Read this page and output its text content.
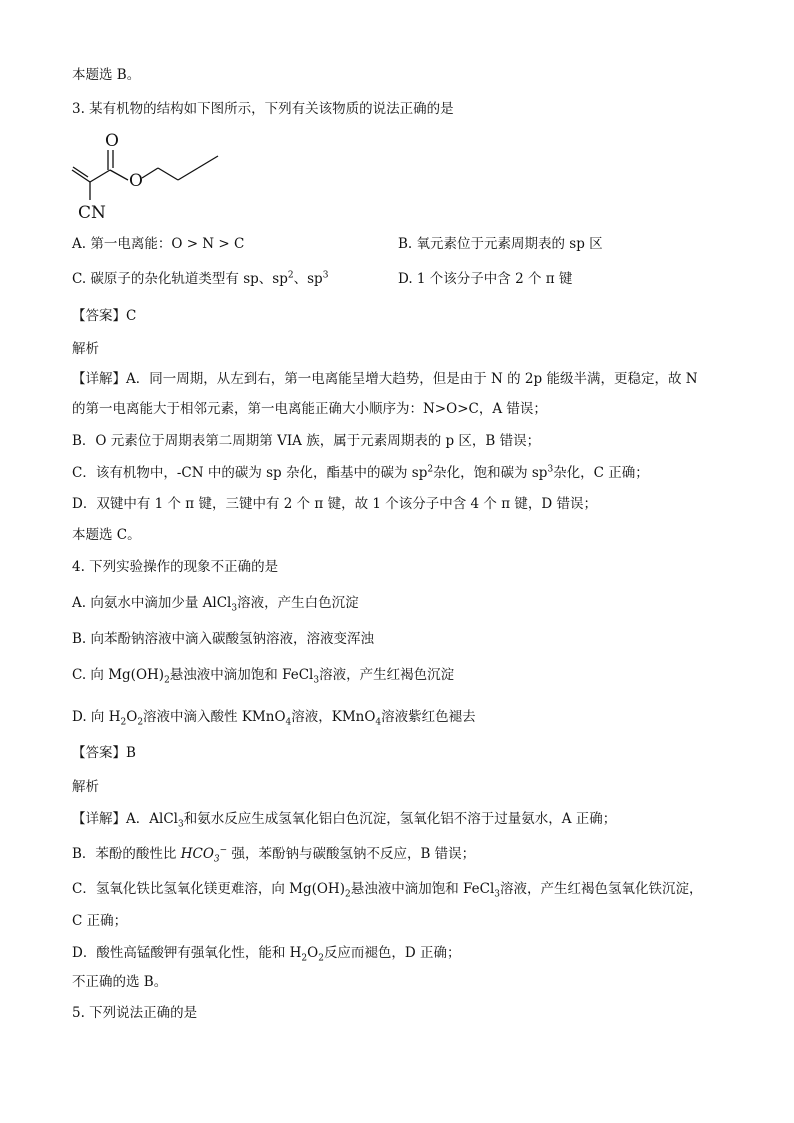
本题选 B。
3. 某有机物的结构如下图所示，下列有关该物质的说法正确的是
O
O
CN
A. 第一电离能：O > N > C	B. 氧元素位于元素周期表的 sp 区
C. 碳原子的杂化轨道类型有 sp、$sp^2$、$sp^3$	D. 1 个该分子中含 2 个 π 键
【答案】C
解析
【详解】A．同一周期，从左到右，第一电离能呈增大趋势，但是由于 N 的 2p 能级半满，更稳定，故 N
的第一电离能大于相邻元素，第一电离能正确大小顺序为：N>O>C，A 错误；
B．O 元素位于周期表第二周期第 VIA 族，属于元素周期表的 p 区，B 错误；
C．该有机物中，-CN 中的碳为 sp 杂化，酯基中的碳为 $sp^2$杂化，饱和碳为 $sp^3$杂化，C 正确；
D．双键中有 1 个 π 键，三键中有 2 个 π 键，故 1 个该分子中含 4 个 π 键，D 错误；
本题选 C。
4. 下列实验操作的现象不正确的是
A. 向氨水中滴加少量 AlCl$_3$溶液，产生白色沉淀
B. 向苯酚钠溶液中滴入碳酸氢钠溶液，溶液变浑浊
C. 向 $Mg(OH)_2$悬浊液中滴加饱和 FeCl$_3$溶液，产生红褐色沉淀
D. 向 $H_2O_2$溶液中滴入酸性 KMnO$_4$溶液，KMnO$_4$溶液紫红色褪去
【答案】B
解析
【详解】A．AlCl$_3$和氨水反应生成氢氧化铝白色沉淀，氢氧化铝不溶于过量氨水，A 正确；
B．苯酚的酸性比 $HCO_3^-$ 强，苯酚钠与碳酸氢钠不反应，B 错误；
C．氢氧化铁比氢氧化镁更难溶，向 $Mg(OH)_2$悬浊液中滴加饱和 FeCl$_3$溶液，产生红褐色氢氧化铁沉淀，
C 正确；
D．酸性高锰酸钾有强氧化性，能和 $H_2O_2$反应而褪色，D 正确；
不正确的选 B。
5. 下列说法正确的是
